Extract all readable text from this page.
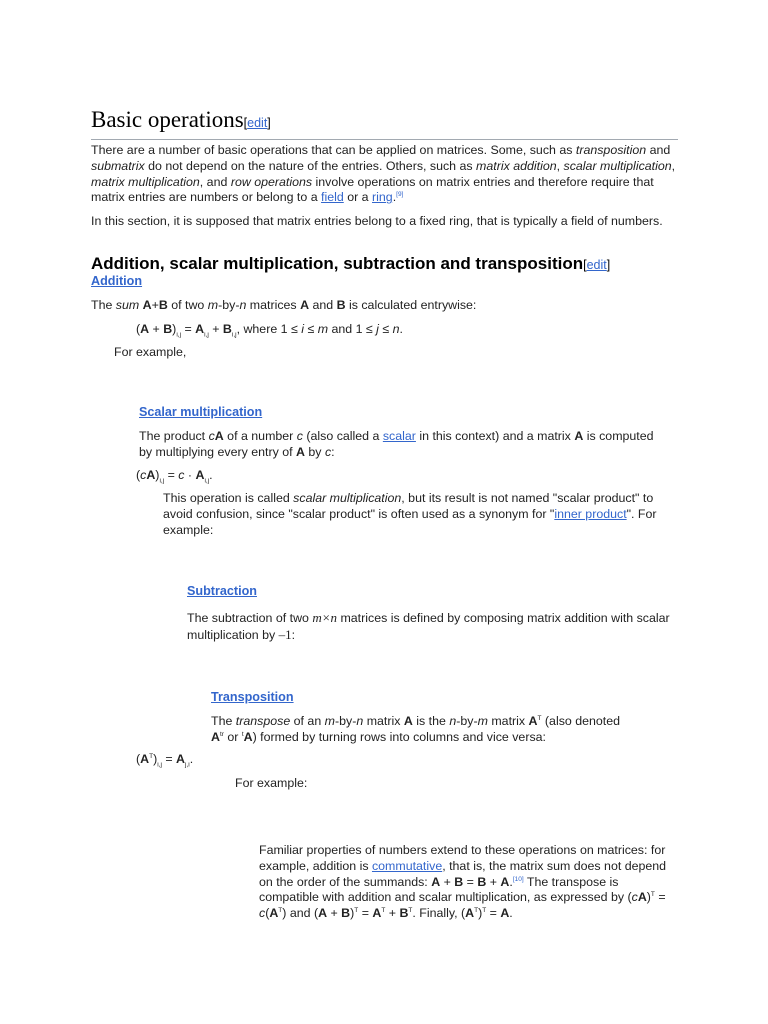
Basic operations[edit]
There are a number of basic operations that can be applied on matrices. Some, such as transposition and submatrix do not depend on the nature of the entries. Others, such as matrix addition, scalar multiplication, matrix multiplication, and row operations involve operations on matrix entries and therefore require that matrix entries are numbers or belong to a field or a ring.[9]
In this section, it is supposed that matrix entries belong to a fixed ring, that is typically a field of numbers.
Addition, scalar multiplication, subtraction and transposition[edit]
Addition
The sum A+B of two m-by-n matrices A and B is calculated entrywise:
$(A + B)_{i,j} = A_{i,j} + B_{i,j}$, where 1 ≤ i ≤ m and 1 ≤ j ≤ n.
For example,
Scalar multiplication
The product cA of a number c (also called a scalar in this context) and a matrix A is computed by multiplying every entry of A by c:
$(cA)_{i,j} = c \cdot A_{i,j}$.
This operation is called scalar multiplication, but its result is not named "scalar product" to avoid confusion, since "scalar product" is often used as a synonym for "inner product". For example:
Subtraction
The subtraction of two m×n matrices is defined by composing matrix addition with scalar multiplication by –1:
Transposition
The transpose of an m-by-n matrix A is the n-by-m matrix $A^T$ (also denoted $A^{tr}$ or $^t$A) formed by turning rows into columns and vice versa:
$(A^T)_{i,j} = A_{j,i}$.
For example:
Familiar properties of numbers extend to these operations on matrices: for example, addition is commutative, that is, the matrix sum does not depend on the order of the summands: A + B = B + A.[10] The transpose is compatible with addition and scalar multiplication, as expressed by $(cA)^T = c(A^T)$ and $(A + B)^T = A^T + B^T$. Finally, $(A^T)^T = A$.
